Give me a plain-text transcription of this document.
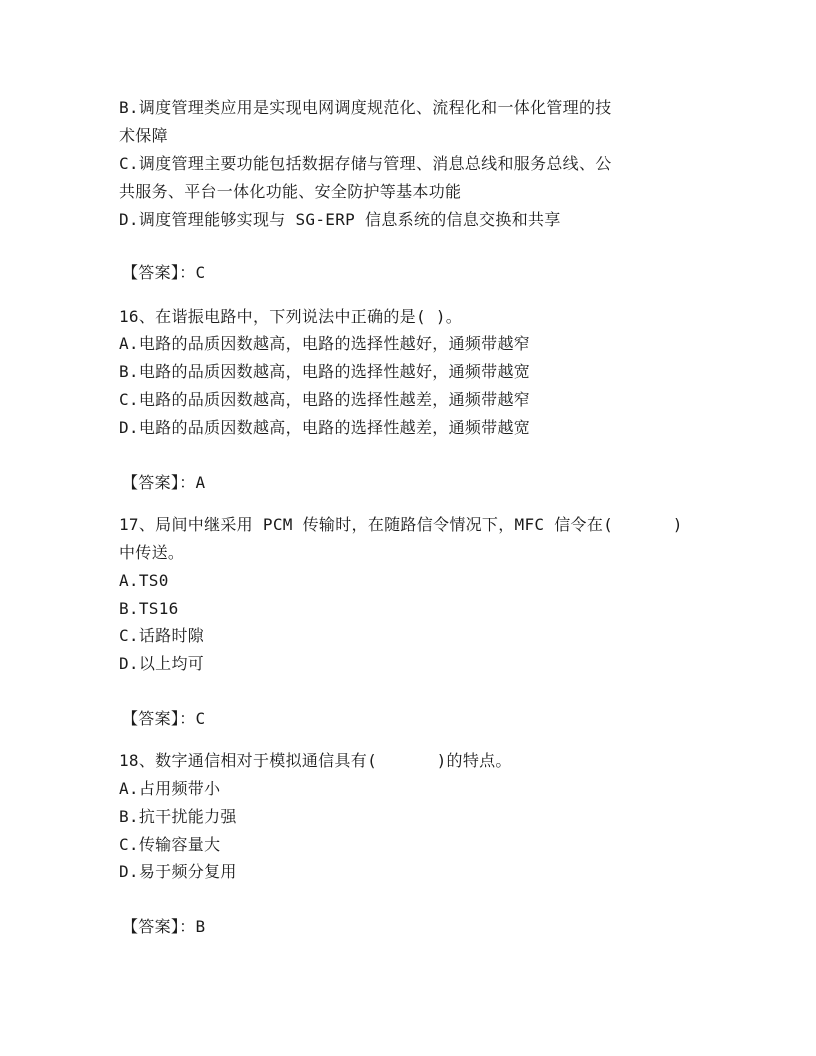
B.调度管理类应用是实现电网调度规范化、流程化和一体化管理的技
术保障
C.调度管理主要功能包括数据存储与管理、消息总线和服务总线、公
共服务、平台一体化功能、安全防护等基本功能
D.调度管理能够实现与 SG-ERP 信息系统的信息交换和共享
【答案】：C
16、在谐振电路中，下列说法中正确的是( )。
A.电路的品质因数越高，电路的选择性越好，通频带越窄
B.电路的品质因数越高，电路的选择性越好，通频带越宽
C.电路的品质因数越高，电路的选择性越差，通频带越窄
D.电路的品质因数越高，电路的选择性越差，通频带越宽
【答案】：A
17、局间中继采用 PCM 传输时，在随路信令情况下，MFC 信令在(      )
中传送。
A.TS0
B.TS16
C.话路时隙
D.以上均可
【答案】：C
18、数字通信相对于模拟通信具有(      )的特点。
A.占用频带小
B.抗干扰能力强
C.传输容量大
D.易于频分复用
【答案】：B
